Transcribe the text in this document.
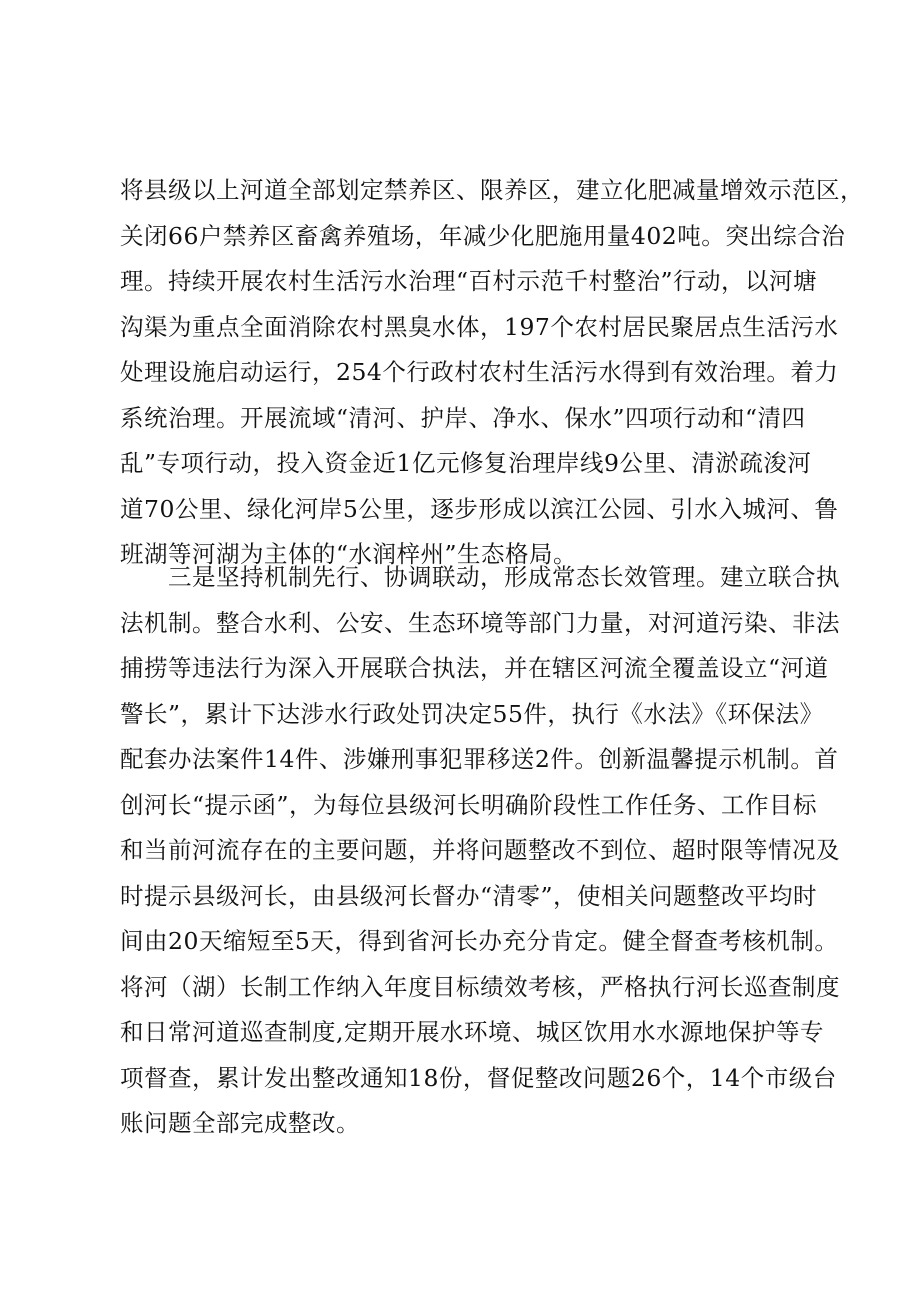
将县级以上河道全部划定禁养区、限养区，建立化肥减量增效示范区，
关闭66户禁养区畜禽养殖场，年减少化肥施用量402吨。突出综合治
理。持续开展农村生活污水治理“百村示范千村整治”行动，以河塘
沟渠为重点全面消除农村黑臭水体，197个农村居民聚居点生活污水
处理设施启动运行，254个行政村农村生活污水得到有效治理。着力
系统治理。开展流域“清河、护岸、净水、保水”四项行动和“清四
乱”专项行动，投入资金近1亿元修复治理岸线9公里、清淤疏浚河
道70公里、绿化河岸5公里，逐步形成以滨江公园、引水入城河、鲁
班湖等河湖为主体的“水润梓州”生态格局。
　　三是坚持机制先行、协调联动，形成常态长效管理。建立联合执
法机制。整合水利、公安、生态环境等部门力量，对河道污染、非法
捕捞等违法行为深入开展联合执法，并在辖区河流全覆盖设立“河道
警长”，累计下达涉水行政处罚决定55件，执行《水法》《环保法》
配套办法案件14件、涉嫌刑事犯罪移送2件。创新温馨提示机制。首
创河长“提示函”，为每位县级河长明确阶段性工作任务、工作目标
和当前河流存在的主要问题，并将问题整改不到位、超时限等情况及
时提示县级河长，由县级河长督办“清零”，使相关问题整改平均时
间由20天缩短至5天，得到省河长办充分肯定。健全督查考核机制。
将河（湖）长制工作纳入年度目标绩效考核，严格执行河长巡查制度
和日常河道巡查制度,定期开展水环境、城区饮用水水源地保护等专
项督查，累计发出整改通知18份，督促整改问题26个，14个市级台
账问题全部完成整改。
